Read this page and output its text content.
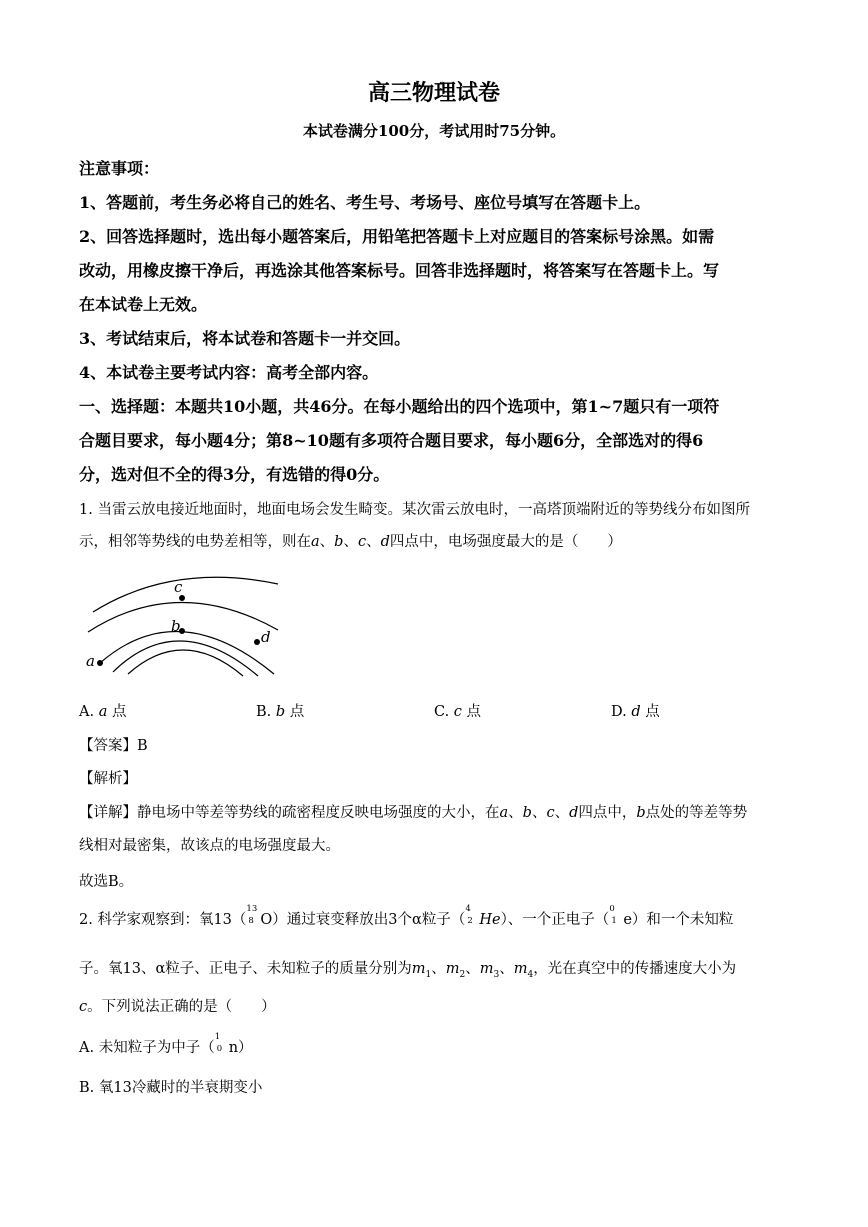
高三物理试卷
本试卷满分100分，考试用时75分钟。
注意事项：
1、答题前，考生务必将自己的姓名、考生号、考场号、座位号填写在答题卡上。
2、回答选择题时，选出每小题答案后，用铅笔把答题卡上对应题目的答案标号涂黑。如需
改动，用橡皮擦干净后，再选涂其他答案标号。回答非选择题时，将答案写在答题卡上。写
在本试卷上无效。
3、考试结束后，将本试卷和答题卡一并交回。
4、本试卷主要考试内容：高考全部内容。
一、选择题：本题共10小题，共46分。在每小题给出的四个选项中，第1~7题只有一项符
合题目要求，每小题4分；第8~10题有多项符合题目要求，每小题6分，全部选对的得6
分，选对但不全的得3分，有选错的得0分。
1. 当雷云放电接近地面时，地面电场会发生畸变。某次雷云放电时，一高塔顶端附近的等势线分布如图所
示，相邻等势线的电势差相等，则在a、b、c、d四点中，电场强度最大的是（　　）
c
b
d
a
A. a 点	B. b 点	C. c 点	D. d 点
【答案】B
【解析】
【详解】静电场中等差等势线的疏密程度反映电场强度的大小，在a、b、c、d四点中，b点处的等差等势
线相对最密集，故该点的电场强度最大。
故选B。
2. 科学家观察到：氧13（
13
8 O）通过衰变释放出3个α粒子（
4
2 He）、一个正电子（
0
1 e）和一个未知粒
子。氧13、α粒子、正电子、未知粒子的质量分别为$m_1$、$m_2$、$m_3$、$m_4$，光在真空中的传播速度大小为
c。下列说法正确的是（　　）
A. 未知粒子为中子（
1
0 n）
B. 氧13冷藏时的半衰期变小
